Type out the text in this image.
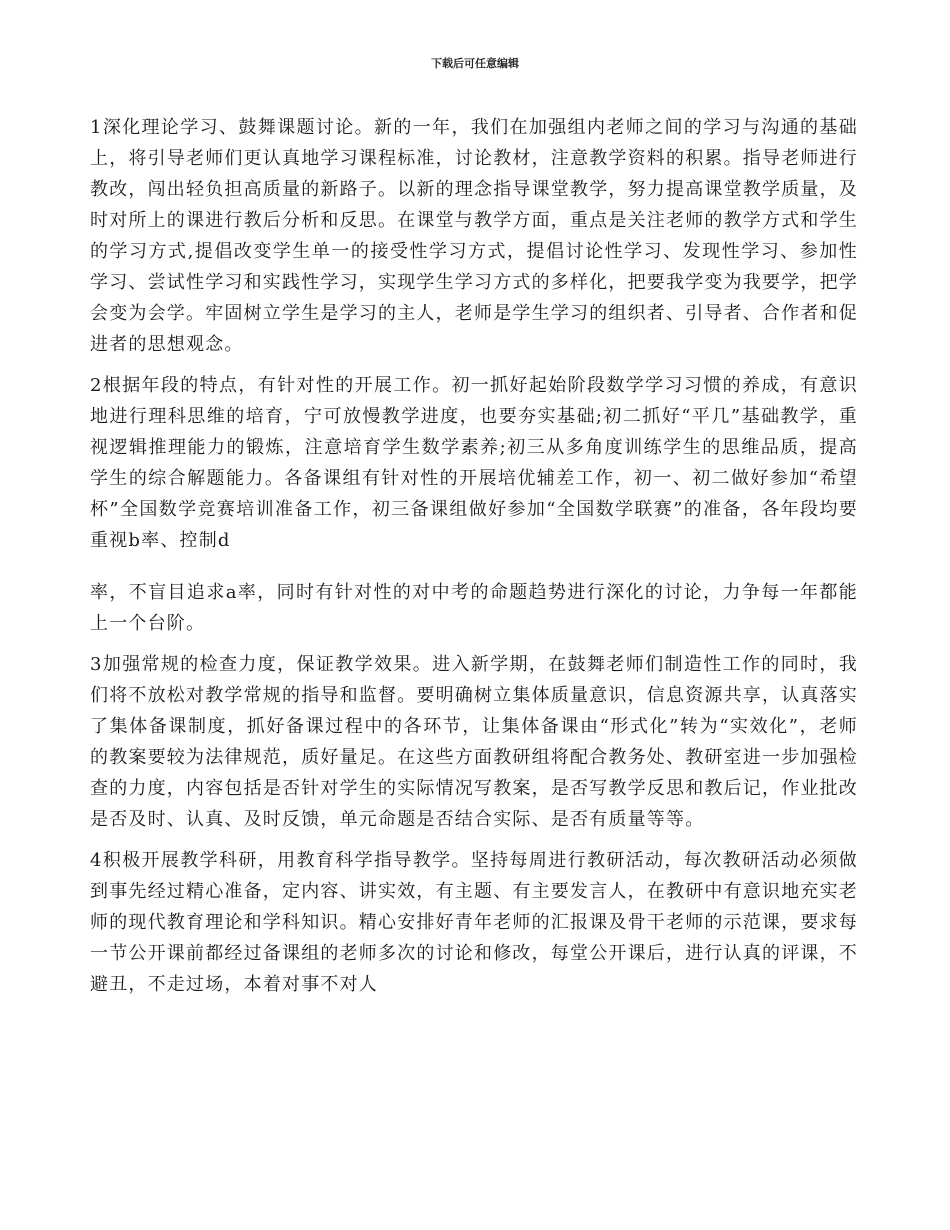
下载后可任意编辑

1深化理论学习、鼓舞课题讨论。新的一年，我们在加强组内老师之间的学习与沟通的基础上，将引导老师们更认真地学习课程标准，讨论教材，注意教学资料的积累。指导老师进行教改，闯出轻负担高质量的新路子。以新的理念指导课堂教学，努力提高课堂教学质量，及时对所上的课进行教后分析和反思。在课堂与教学方面，重点是关注老师的教学方式和学生的学习方式,提倡改变学生单一的接受性学习方式，提倡讨论性学习、发现性学习、参加性学习、尝试性学习和实践性学习，实现学生学习方式的多样化，把要我学变为我要学，把学会变为会学。牢固树立学生是学习的主人，老师是学生学习的组织者、引导者、合作者和促进者的思想观念。

2根据年段的特点，有针对性的开展工作。初一抓好起始阶段数学学习习惯的养成，有意识地进行理科思维的培育，宁可放慢教学进度，也要夯实基础;初二抓好“平几”基础教学，重视逻辑推理能力的锻炼，注意培育学生数学素养;初三从多角度训练学生的思维品质，提高学生的综合解题能力。各备课组有针对性的开展培优辅差工作，初一、初二做好参加“希望杯”全国数学竞赛培训准备工作，初三备课组做好参加“全国数学联赛”的准备，各年段均要重视b率、控制d

率，不盲目追求a率，同时有针对性的对中考的命题趋势进行深化的讨论，力争每一年都能上一个台阶。

3加强常规的检查力度，保证教学效果。进入新学期，在鼓舞老师们制造性工作的同时，我们将不放松对教学常规的指导和监督。要明确树立集体质量意识，信息资源共享，认真落实了集体备课制度，抓好备课过程中的各环节，让集体备课由“形式化”转为“实效化”，老师的教案要较为法律规范，质好量足。在这些方面教研组将配合教务处、教研室进一步加强检查的力度，内容包括是否针对学生的实际情况写教案，是否写教学反思和教后记，作业批改是否及时、认真、及时反馈，单元命题是否结合实际、是否有质量等等。

4积极开展教学科研，用教育科学指导教学。坚持每周进行教研活动，每次教研活动必须做到事先经过精心准备，定内容、讲实效，有主题、有主要发言人，在教研中有意识地充实老师的现代教育理论和学科知识。精心安排好青年老师的汇报课及骨干老师的示范课，要求每一节公开课前都经过备课组的老师多次的讨论和修改，每堂公开课后，进行认真的评课，不避丑，不走过场，本着对事不对人
